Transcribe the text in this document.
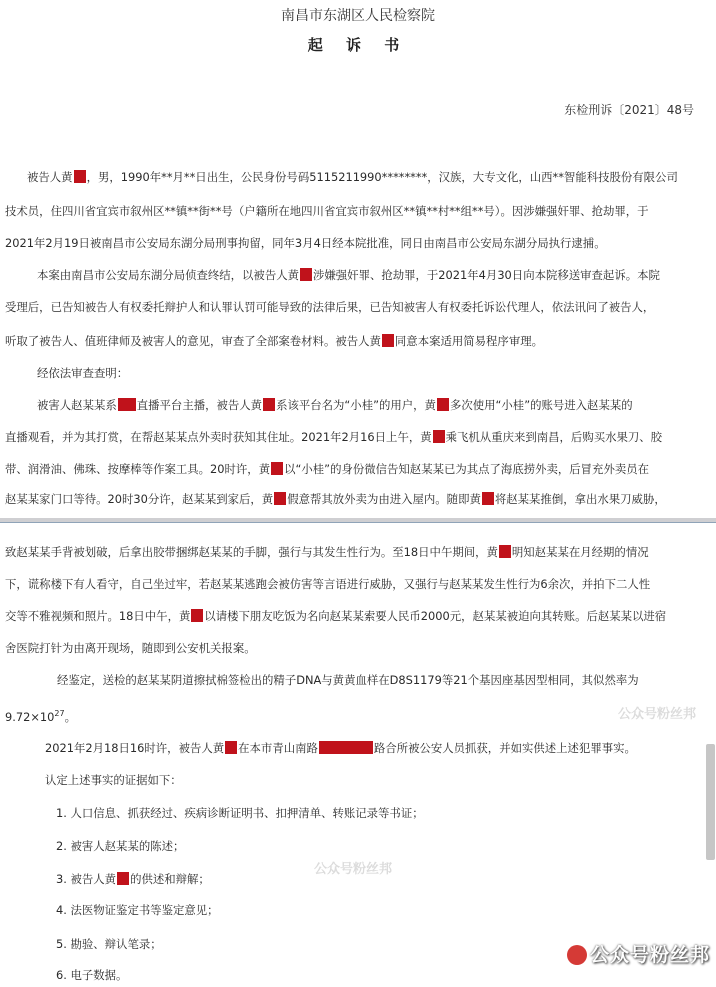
南昌市东湖区人民检察院
起 诉 书
东检刑诉〔2021〕48号
被告人黄 ，男，1990年**月**日出生，公民身份号码5115211990********，汉族，大专文化，山西**智能科技股份有限公司
技术员，住四川省宜宾市叙州区**镇**街**号（户籍所在地四川省宜宾市叙州区**镇**村**组**号）。因涉嫌强奸罪、抢劫罪，于
2021年2月19日被南昌市公安局东湖分局刑事拘留，同年3月4日经本院批准，同日由南昌市公安局东湖分局执行逮捕。
本案由南昌市公安局东湖分局侦查终结，以被告人黄 涉嫌强奸罪、抢劫罪，于2021年4月30日向本院移送审查起诉。本院
受理后，已告知被告人有权委托辩护人和认罪认罚可能导致的法律后果，已告知被害人有权委托诉讼代理人，依法讯问了被告人，
听取了被告人、值班律师及被害人的意见，审查了全部案卷材料。被告人黄 同意本案适用简易程序审理。
经依法审查查明：
被害人赵某某系 直播平台主播，被告人黄 系该平台名为“小桂”的用户，黄 多次使用“小桂”的账号进入赵某某的
直播观看，并为其打赏，在帮赵某某点外卖时获知其住址。2021年2月16日上午，黄 乘飞机从重庆来到南昌，后购买水果刀、胶
带、润滑油、佛珠、按摩棒等作案工具。20时许，黄 以“小桂”的身份微信告知赵某某已为其点了海底捞外卖，后冒充外卖员在
赵某某家门口等待。20时30分许，赵某某到家后，黄 假意帮其放外卖为由进入屋内。随即黄 将赵某某推倒，拿出水果刀威胁，
致赵某某手背被划破，后拿出胶带捆绑赵某某的手脚，强行与其发生性行为。至18日中午期间，黄 明知赵某某在月经期的情况
下，谎称楼下有人看守，自己坐过牢，若赵某某逃跑会被仿害等言语进行威胁，又强行与赵某某发生性行为6余次，并拍下二人性
交等不雅视频和照片。18日中午，黄 以请楼下朋友吃饭为名向赵某某索要人民币2000元，赵某某被迫向其转账。后赵某某以进宿
舍医院打针为由离开现场，随即到公安机关报案。
经鉴定，送检的赵某某阴道擦拭棉签检出的精子DNA与黄黄血样在D8S1179等21个基因座基因型相同，其似然率为
$9.72\times 10^{27}$。
2021年2月18日16时许，被告人黄 在本市青山南路	路合所被公安人员抓获，并如实供述上述犯罪事实。
认定上述事实的证据如下：
1. 人口信息、抓获经过、疾病诊断证明书、扣押清单、转账记录等书证；
2. 被害人赵某某的陈述；
3. 被告人黄 的供述和辩解；
4. 法医物证鉴定书等鉴定意见；
5. 勘验、辩认笔录；
6. 电子数据。
公众号粉丝邦
公众号粉丝邦
公众号粉丝邦
